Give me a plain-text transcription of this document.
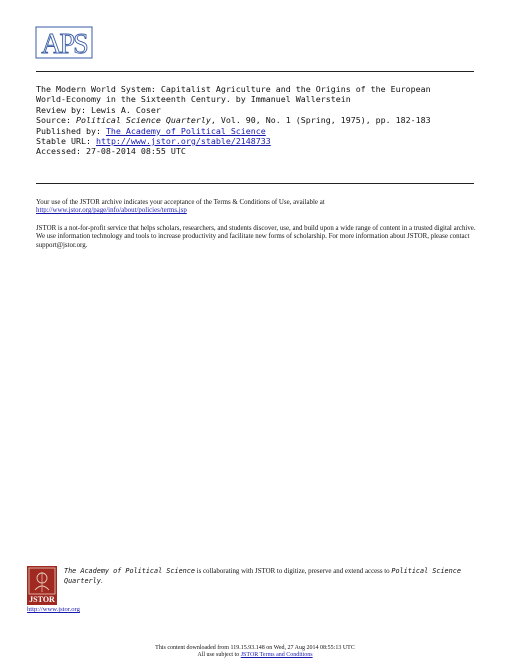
APS
The Modern World System: Capitalist Agriculture and the Origins of the European
World-Economy in the Sixteenth Century. by Immanuel Wallerstein
Review by: Lewis A. Coser
Source: Political Science Quarterly, Vol. 90, No. 1 (Spring, 1975), pp. 182-183
Published by: The Academy of Political Science
Stable URL: http://www.jstor.org/stable/2148733
Accessed: 27-08-2014 08:55 UTC
Your use of the JSTOR archive indicates your acceptance of the Terms & Conditions of Use, available at
http://www.jstor.org/page/info/about/policies/terms.jsp
JSTOR is a not-for-profit service that helps scholars, researchers, and students discover, use, and build upon a wide range of content in a trusted digital archive. We use information technology and tools to increase productivity and facilitate new forms of scholarship. For more information about JSTOR, please contact support@jstor.org.
JSTOR
The Academy of Political Science is collaborating with JSTOR to digitize, preserve and extend access to Political Science Quarterly.
http://www.jstor.org
This content downloaded from 119.15.93.148 on Wed, 27 Aug 2014 08:55:13 UTC
All use subject to JSTOR Terms and Conditions
